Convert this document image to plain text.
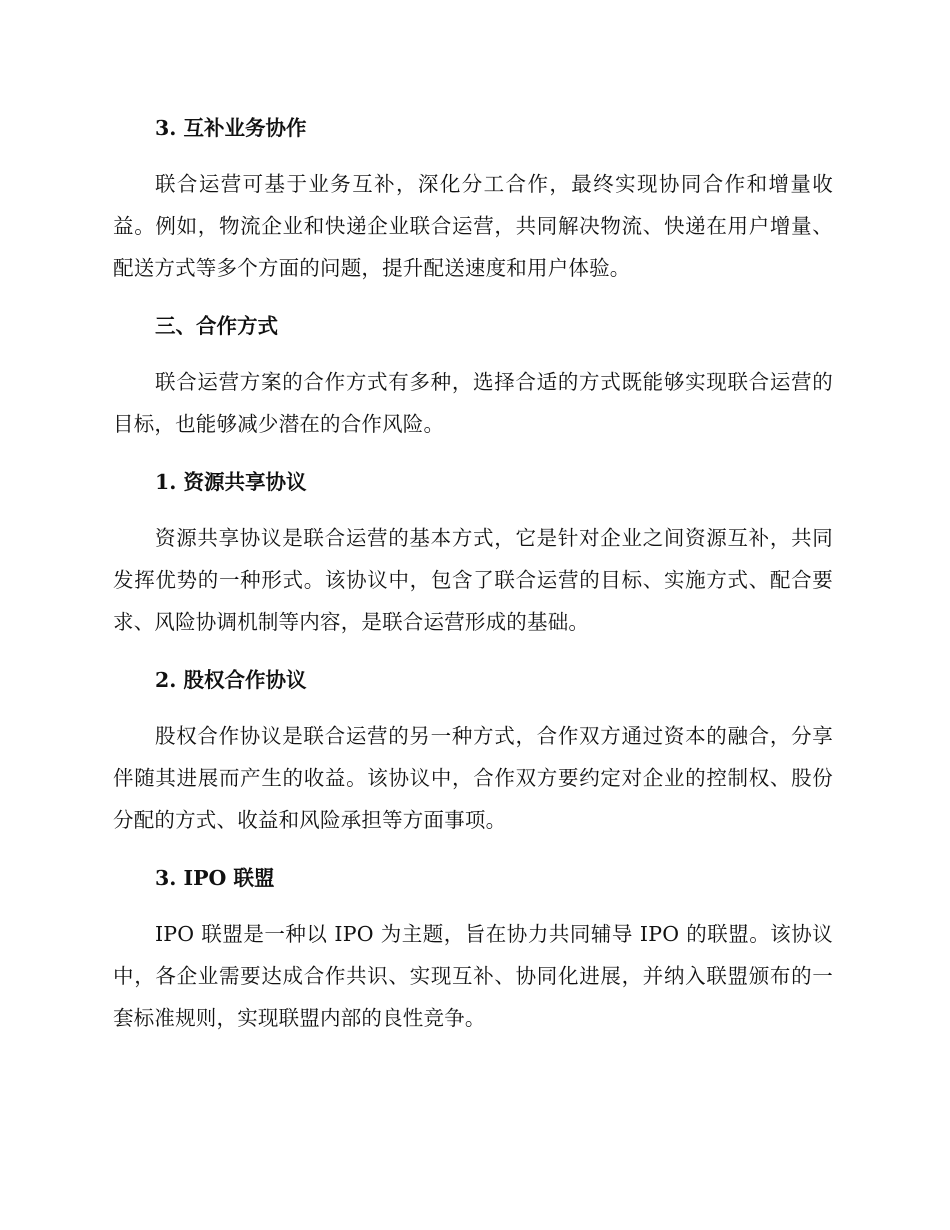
3. 互补业务协作

联合运营可基于业务互补，深化分工合作，最终实现协同合作和增量收益。例如，物流企业和快递企业联合运营，共同解决物流、快递在用户增量、配送方式等多个方面的问题，提升配送速度和用户体验。

三、合作方式

联合运营方案的合作方式有多种，选择合适的方式既能够实现联合运营的目标，也能够减少潜在的合作风险。

1. 资源共享协议

资源共享协议是联合运营的基本方式，它是针对企业之间资源互补，共同发挥优势的一种形式。该协议中，包含了联合运营的目标、实施方式、配合要求、风险协调机制等内容，是联合运营形成的基础。

2. 股权合作协议

股权合作协议是联合运营的另一种方式，合作双方通过资本的融合，分享伴随其进展而产生的收益。该协议中，合作双方要约定对企业的控制权、股份分配的方式、收益和风险承担等方面事项。

3. IPO 联盟

IPO 联盟是一种以 IPO 为主题，旨在协力共同辅导 IPO 的联盟。该协议中，各企业需要达成合作共识、实现互补、协同化进展，并纳入联盟颁布的一套标准规则，实现联盟内部的良性竞争。
